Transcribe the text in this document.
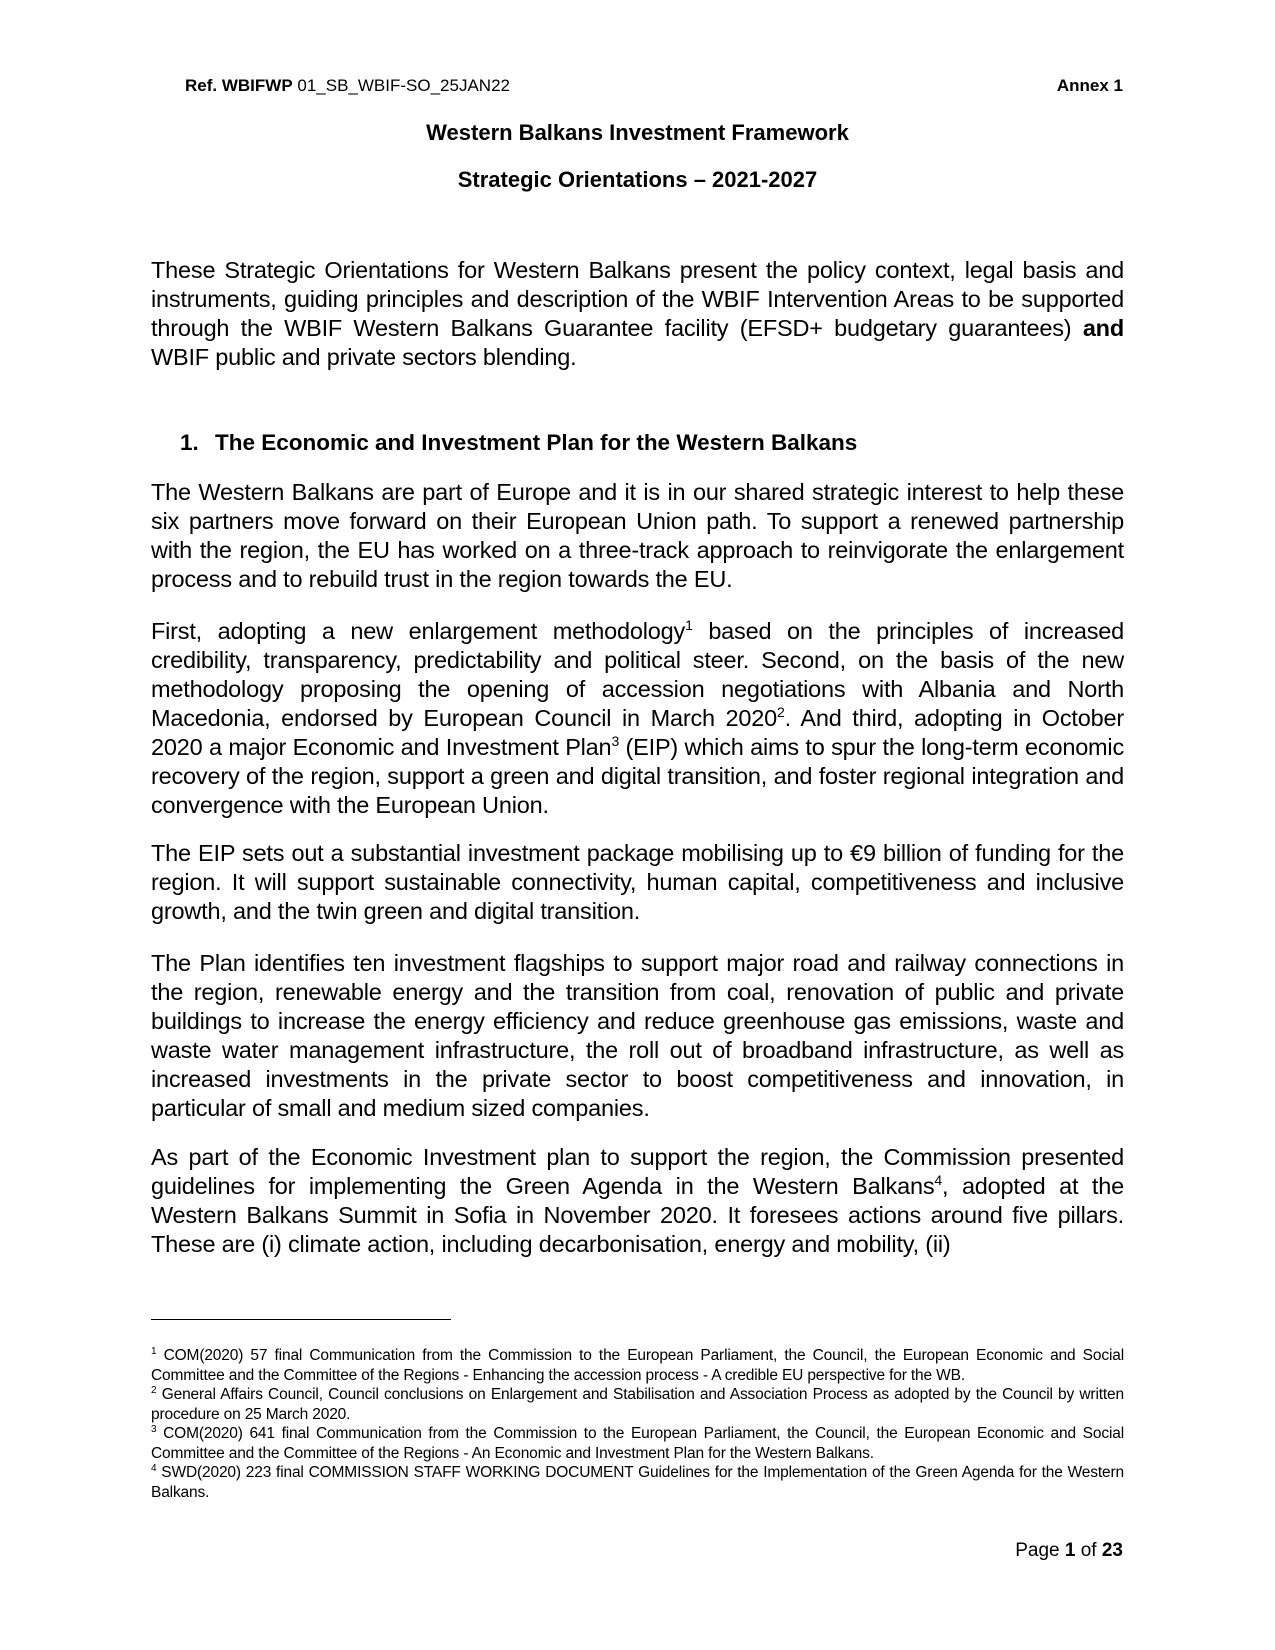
Ref. WBIFWP 01_SB_WBIF-SO_25JAN22	Annex 1
Western Balkans Investment Framework
Strategic Orientations – 2021-2027

These Strategic Orientations for Western Balkans present the policy context, legal basis and instruments, guiding principles and description of the WBIF Intervention Areas to be supported through the WBIF Western Balkans Guarantee facility (EFSD+ budgetary guarantees) and WBIF public and private sectors blending.

1. The Economic and Investment Plan for the Western Balkans

The Western Balkans are part of Europe and it is in our shared strategic interest to help these six partners move forward on their European Union path. To support a renewed partnership with the region, the EU has worked on a three-track approach to reinvigorate the enlargement process and to rebuild trust in the region towards the EU.

First, adopting a new enlargement methodology$^1$ based on the principles of increased credibility, transparency, predictability and political steer. Second, on the basis of the new methodology proposing the opening of accession negotiations with Albania and North Macedonia, endorsed by European Council in March 2020$^2$. And third, adopting in October 2020 a major Economic and Investment Plan$^3$ (EIP) which aims to spur the long-term economic recovery of the region, support a green and digital transition, and foster regional integration and convergence with the European Union.

The EIP sets out a substantial investment package mobilising up to €9 billion of funding for the region. It will support sustainable connectivity, human capital, competitiveness and inclusive growth, and the twin green and digital transition.

The Plan identifies ten investment flagships to support major road and railway connections in the region, renewable energy and the transition from coal, renovation of public and private buildings to increase the energy efficiency and reduce greenhouse gas emissions, waste and waste water management infrastructure, the roll out of broadband infrastructure, as well as increased investments in the private sector to boost competitiveness and innovation, in particular of small and medium sized companies.

As part of the Economic Investment plan to support the region, the Commission presented guidelines for implementing the Green Agenda in the Western Balkans$^4$, adopted at the Western Balkans Summit in Sofia in November 2020. It foresees actions around five pillars. These are (i) climate action, including decarbonisation, energy and mobility, (ii)

$^1$ COM(2020) 57 final Communication from the Commission to the European Parliament, the Council, the European Economic and Social Committee and the Committee of the Regions - Enhancing the accession process - A credible EU perspective for the WB.

$^2$ General Affairs Council, Council conclusions on Enlargement and Stabilisation and Association Process as adopted by the Council by written procedure on 25 March 2020.

$^3$ COM(2020) 641 final Communication from the Commission to the European Parliament, the Council, the European Economic and Social Committee and the Committee of the Regions - An Economic and Investment Plan for the Western Balkans.

$^4$ SWD(2020) 223 final COMMISSION STAFF WORKING DOCUMENT Guidelines for the Implementation of the Green Agenda for the Western Balkans.

Page 1 of 23
